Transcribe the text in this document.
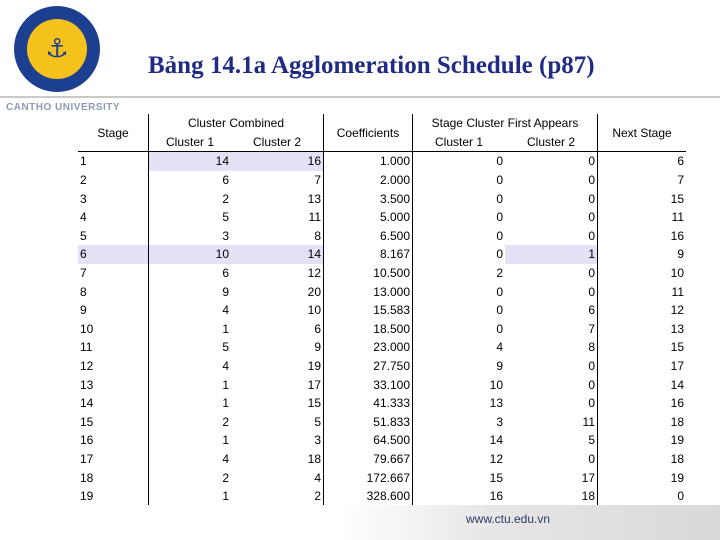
⚓
CANTHO UNIVERSITY
Bảng 14.1a Agglomeration Schedule (p87)
Stage	Cluster Combined		Coefficients	Stage Cluster First Appears		Next Stage
	Cluster 1	Cluster 2		Cluster 1	Cluster 2	
1	14	16	1.000	0	0	6
2	6	7	2.000	0	0	7
3	2	13	3.500	0	0	15
4	5	11	5.000	0	0	11
5	3	8	6.500	0	0	16
6	10	14	8.167	0	1	9
7	6	12	10.500	2	0	10
8	9	20	13.000	0	0	11
9	4	10	15.583	0	6	12
10	1	6	18.500	0	7	13
11	5	9	23.000	4	8	15
12	4	19	27.750	9	0	17
13	1	17	33.100	10	0	14
14	1	15	41.333	13	0	16
15	2	5	51.833	3	11	18
16	1	3	64.500	14	5	19
17	4	18	79.667	12	0	18
18	2	4	172.667	15	17	19
19	1	2	328.600	16	18	0
www.ctu.edu.vn
